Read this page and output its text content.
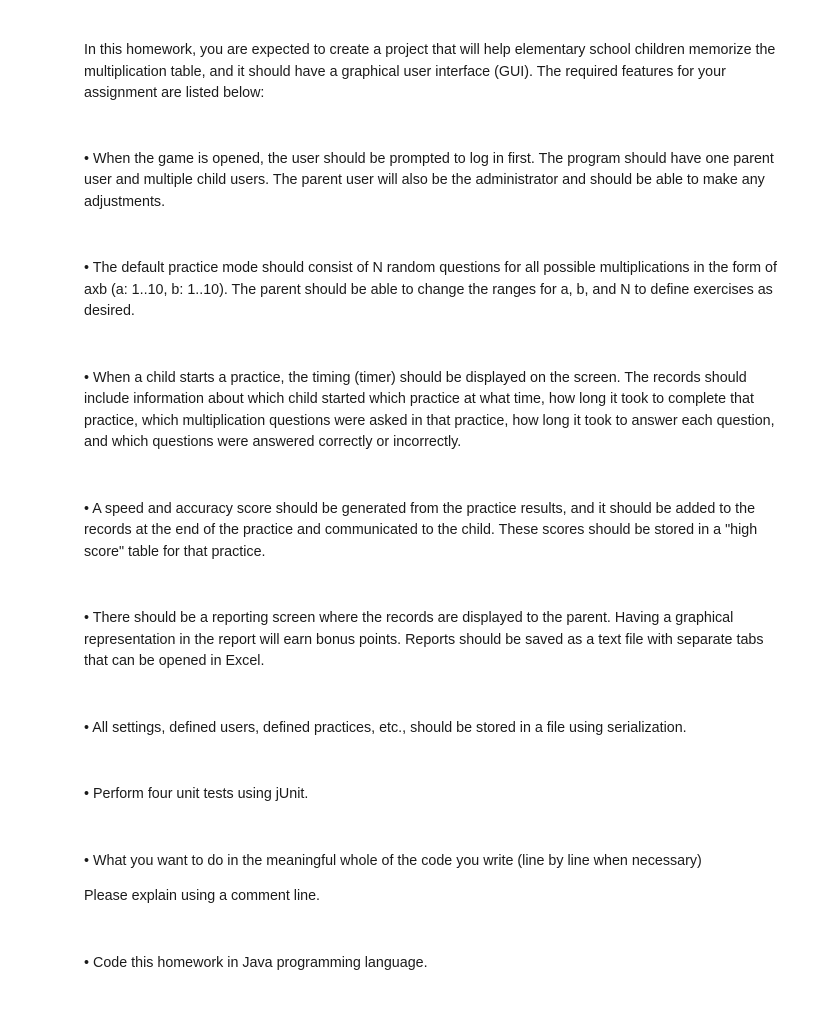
In this homework, you are expected to create a project that will help elementary school children memorize the multiplication table, and it should have a graphical user interface (GUI). The required features for your assignment are listed below:

• When the game is opened, the user should be prompted to log in first. The program should have one parent user and multiple child users. The parent user will also be the administrator and should be able to make any adjustments.

• The default practice mode should consist of N random questions for all possible multiplications in the form of axb (a: 1..10, b: 1..10). The parent should be able to change the ranges for a, b, and N to define exercises as desired.

• When a child starts a practice, the timing (timer) should be displayed on the screen. The records should include information about which child started which practice at what time, how long it took to complete that practice, which multiplication questions were asked in that practice, how long it took to answer each question, and which questions were answered correctly or incorrectly.

• A speed and accuracy score should be generated from the practice results, and it should be added to the records at the end of the practice and communicated to the child. These scores should be stored in a "high score" table for that practice.

• There should be a reporting screen where the records are displayed to the parent. Having a graphical representation in the report will earn bonus points. Reports should be saved as a text file with separate tabs that can be opened in Excel.

• All settings, defined users, defined practices, etc., should be stored in a file using serialization.

• Perform four unit tests using jUnit.

• What you want to do in the meaningful whole of the code you write (line by line when necessary)

Please explain using a comment line.

• Code this homework in Java programming language.
